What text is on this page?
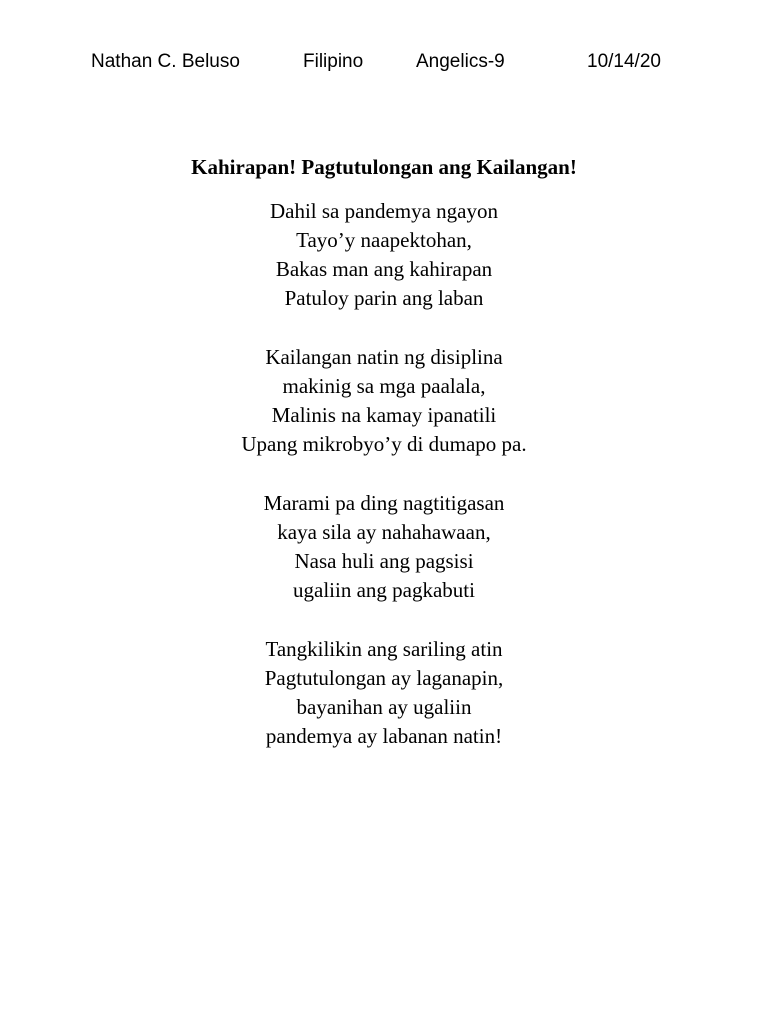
Nathan C. Beluso	Filipino	Angelics-9	10/14/20
Kahirapan! Pagtutulongan ang Kailangan!
Dahil sa pandemya ngayon
Tayo’y naapektohan,
Bakas man ang kahirapan
Patuloy parin ang laban
Kailangan natin ng disiplina
makinig sa mga paalala,
Malinis na kamay ipanatili
Upang mikrobyo’y di dumapo pa.
Marami pa ding nagtitigasan
kaya sila ay nahahawaan,
Nasa huli ang pagsisi
ugaliin ang pagkabuti
Tangkilikin ang sariling atin
Pagtutulongan ay laganapin,
bayanihan ay ugaliin
pandemya ay labanan natin!
